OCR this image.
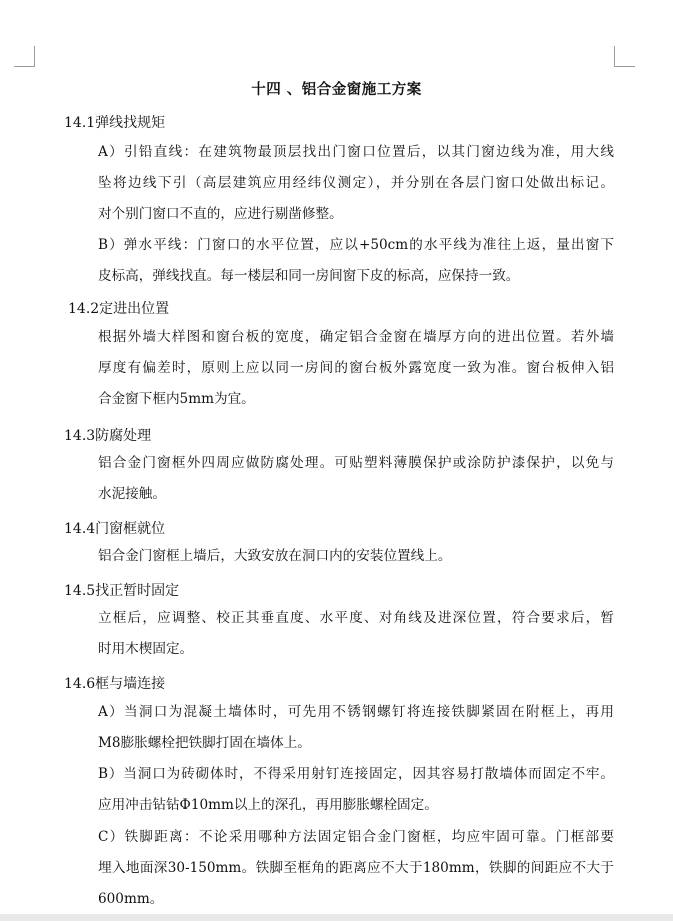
十四 、铝合金窗施工方案
14.1弹线找规矩
A）引铅直线：在建筑物最顶层找出门窗口位置后，以其门窗边线为准，用大线
坠将边线下引（高层建筑应用经纬仪测定），并分别在各层门窗口处做出标记。
对个别门窗口不直的，应进行剔凿修整。
B）弹水平线：门窗口的水平位置，应以+50cm的水平线为准往上返，量出窗下
皮标高，弹线找直。每一楼层和同一房间窗下皮的标高，应保持一致。
14.2定进出位置
根据外墙大样图和窗台板的宽度，确定铝合金窗在墙厚方向的进出位置。若外墙
厚度有偏差时，原则上应以同一房间的窗台板外露宽度一致为准。窗台板伸入铝
合金窗下框内5mm为宜。
14.3防腐处理
铝合金门窗框外四周应做防腐处理。可贴塑料薄膜保护或涂防护漆保护，以免与
水泥接触。
14.4门窗框就位
铝合金门窗框上墙后，大致安放在洞口内的安装位置线上。
14.5找正暂时固定
立框后，应调整、校正其垂直度、水平度、对角线及进深位置，符合要求后，暂
时用木楔固定。
14.6框与墙连接
A）当洞口为混凝土墙体时，可先用不锈钢螺钉将连接铁脚紧固在附框上，再用
M8膨胀螺栓把铁脚打固在墙体上。
B）当洞口为砖砌体时，不得采用射钉连接固定，因其容易打散墙体而固定不牢。
应用冲击钻钻Ф10mm以上的深孔，再用膨胀螺栓固定。
C）铁脚距离：不论采用哪种方法固定铝合金门窗框，均应牢固可靠。门框部要
埋入地面深30-150mm。铁脚至框角的距离应不大于180mm，铁脚的间距应不大于
600mm。
